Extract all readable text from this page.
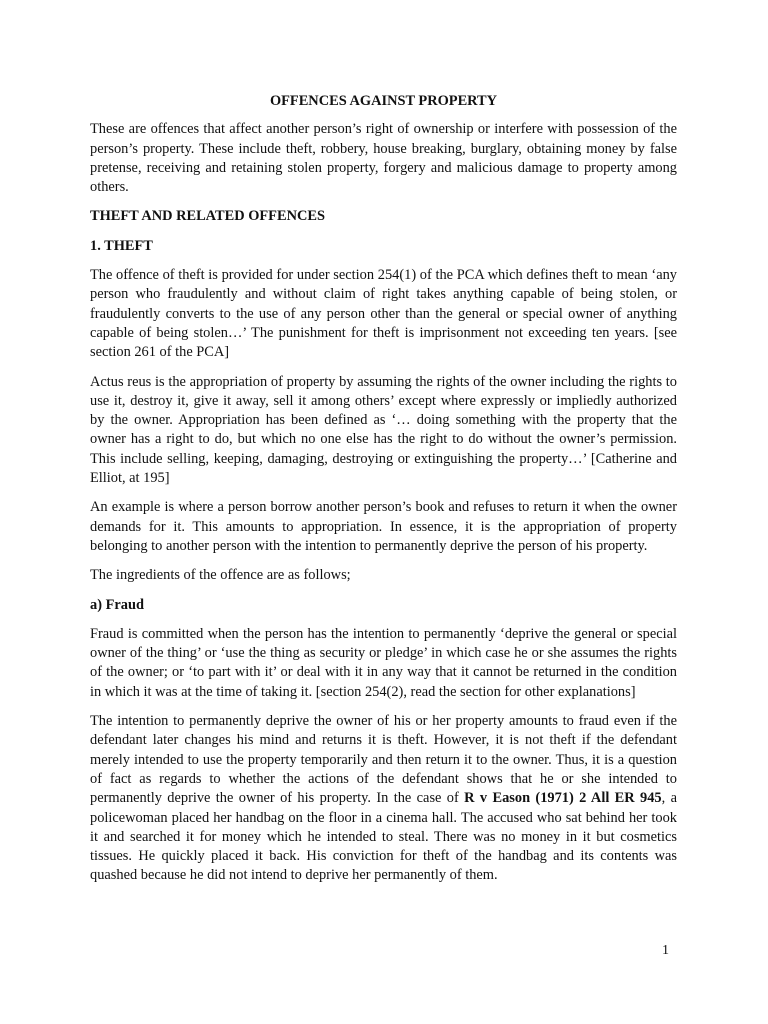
OFFENCES AGAINST PROPERTY

These are offences that affect another person’s right of ownership or interfere with possession of the person’s property. These include theft, robbery, house breaking, burglary, obtaining money by false pretense, receiving and retaining stolen property, forgery and malicious damage to property among others.

THEFT AND RELATED OFFENCES

1. THEFT

The offence of theft is provided for under section 254(1) of the PCA which defines theft to mean ‘any person who fraudulently and without claim of right takes anything capable of being stolen, or fraudulently converts to the use of any person other than the general or special owner of anything capable of being stolen…’ The punishment for theft is imprisonment not exceeding ten years. [see section 261 of the PCA]

Actus reus is the appropriation of property by assuming the rights of the owner including the rights to use it, destroy it, give it away, sell it among others’ except where expressly or impliedly authorized by the owner. Appropriation has been defined as ‘… doing something with the property that the owner has a right to do, but which no one else has the right to do without the owner’s permission. This include selling, keeping, damaging, destroying or extinguishing the property…’ [Catherine and Elliot, at 195]

An example is where a person borrow another person’s book and refuses to return it when the owner demands for it. This amounts to appropriation. In essence, it is the appropriation of property belonging to another person with the intention to permanently deprive the person of his property.

The ingredients of the offence are as follows;

a) Fraud

Fraud is committed when the person has the intention to permanently ‘deprive the general or special owner of the thing’ or ‘use the thing as security or pledge’ in which case he or she assumes the rights of the owner; or ‘to part with it’ or deal with it in any way that it cannot be returned in the condition in which it was at the time of taking it. [section 254(2), read the section for other explanations]

The intention to permanently deprive the owner of his or her property amounts to fraud even if the defendant later changes his mind and returns it is theft. However, it is not theft if the defendant merely intended to use the property temporarily and then return it to the owner. Thus, it is a question of fact as regards to whether the actions of the defendant shows that he or she intended to permanently deprive the owner of his property. In the case of R v Eason (1971) 2 All ER 945, a policewoman placed her handbag on the floor in a cinema hall. The accused who sat behind her took it and searched it for money which he intended to steal. There was no money in it but cosmetics tissues. He quickly placed it back. His conviction for theft of the handbag and its contents was quashed because he did not intend to deprive her permanently of them.

1
